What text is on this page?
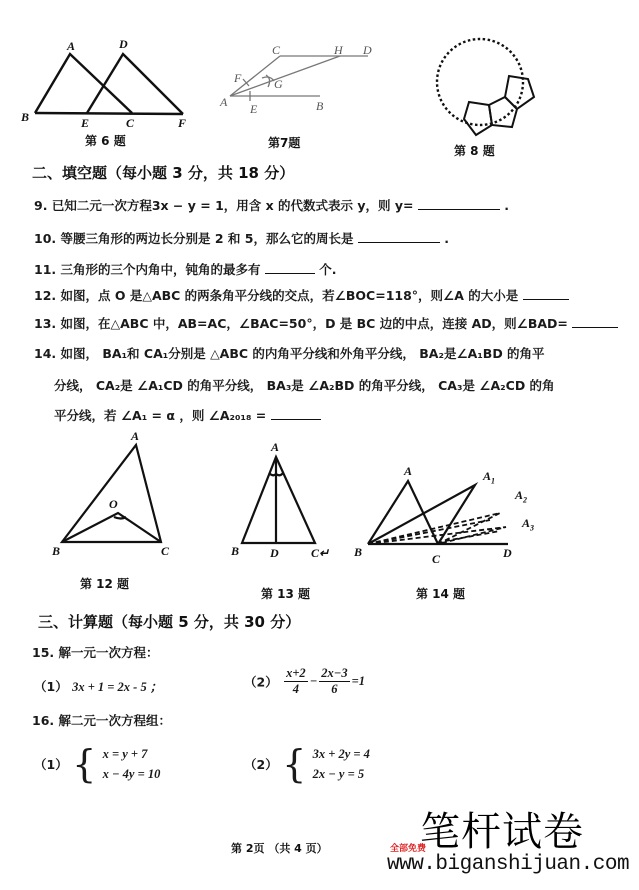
A	D
B	E	C	F
第 6 题
C	H D
F	G
A E	B
第7题
第 8 题
二、填空题（每小题 3 分，共 18 分）
9. 已知二元一次方程3x − y = 1，用含 x 的代数式表示 y，则 y=	.
10. 等腰三角形的两边长分别是 2 和 5，那么它的周长是	.
11. 三角形的三个内角中，钝角的最多有	个.
12. 如图，点 O 是△ABC 的两条角平分线的交点，若∠BOC=118°，则∠A 的大小是
13. 如图，在△ABC 中，AB=AC，∠BAC=50°，D 是 BC 边的中点，连接 AD，则∠BAD=
14. 如图， BA₁和 CA₁分别是 △ABC 的内角平分线和外角平分线， BA₂是∠A₁BD 的角平
分线， CA₂是 ∠A₁CD 的角平分线， BA₃是 ∠A₂BD 的角平分线， CA₃是 ∠A₂CD 的角
平分线，若 ∠A₁ = α ，则 ∠A₂₀₁₈ =
A
O
B	C
第 12 题
A
B	D	C↵
第 13 题
A	$A_1$
$A_2$
$A_3$
B	C	D
第 14 题
三、计算题（每小题 5 分，共 30 分）
15. 解一元一次方程：
（1） 3x + 1 = 2x - 5 ；	$(2) \frac{x+2}{4} - \frac{2x-3}{6} =1$
16. 解二元一次方程组：
（1） { x = y + 7
x − 4y = 10
（2） { 3x + 2y = 4
2x − y = 5
第 2页 （共 4 页） 笔杆试卷
全部免费
www.biganshijuan.com
